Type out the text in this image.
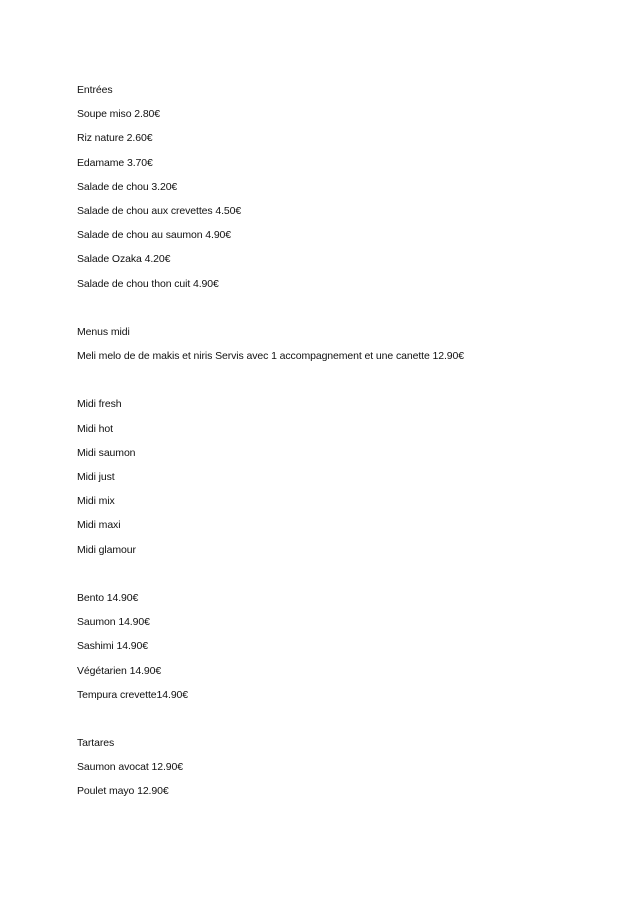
Entrées
Soupe miso 2.80€
Riz nature 2.60€
Edamame 3.70€
Salade de chou 3.20€
Salade de chou aux crevettes 4.50€
Salade de chou au saumon 4.90€
Salade Ozaka 4.20€
Salade de chou thon cuit 4.90€
Menus midi
Meli melo de de makis et niris Servis avec 1 accompagnement et une canette 12.90€
Midi fresh
Midi hot
Midi saumon
Midi just
Midi mix
Midi maxi
Midi glamour
Bento 14.90€
Saumon 14.90€
Sashimi 14.90€
Végétarien 14.90€
Tempura crevette14.90€
Tartares
Saumon avocat 12.90€
Poulet mayo 12.90€
